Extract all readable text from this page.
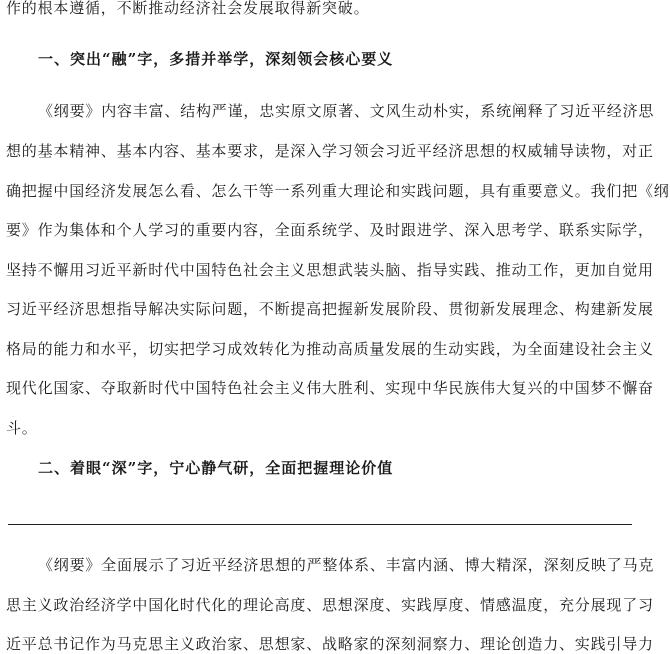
作的根本遵循，不断推动经济社会发展取得新突破。
一、突出“融”字，多措并举学，深刻领会核心要义
《纲要》内容丰富、结构严谨，忠实原文原著、文风生动朴实，系统阐释了习近平经济思
想的基本精神、基本内容、基本要求，是深入学习领会习近平经济思想的权威辅导读物，对正
确把握中国经济发展怎么看、怎么干等一系列重大理论和实践问题，具有重要意义。我们把《纲
要》作为集体和个人学习的重要内容，全面系统学、及时跟进学、深入思考学、联系实际学，
坚持不懈用习近平新时代中国特色社会主义思想武装头脑、指导实践、推动工作，更加自觉用
习近平经济思想指导解决实际问题，不断提高把握新发展阶段、贯彻新发展理念、构建新发展
格局的能力和水平，切实把学习成效转化为推动高质量发展的生动实践，为全面建设社会主义
现代化国家、夺取新时代中国特色社会主义伟大胜利、实现中华民族伟大复兴的中国梦不懈奋
斗。
二、着眼“深”字，宁心静气研，全面把握理论价值
《纲要》全面展示了习近平经济思想的严整体系、丰富内涵、博大精深，深刻反映了马克
思主义政治经济学中国化时代化的理论高度、思想深度、实践厚度、情感温度，充分展现了习
近平总书记作为马克思主义政治家、思想家、战略家的深刻洞察力、理论创造力、实践引导力
